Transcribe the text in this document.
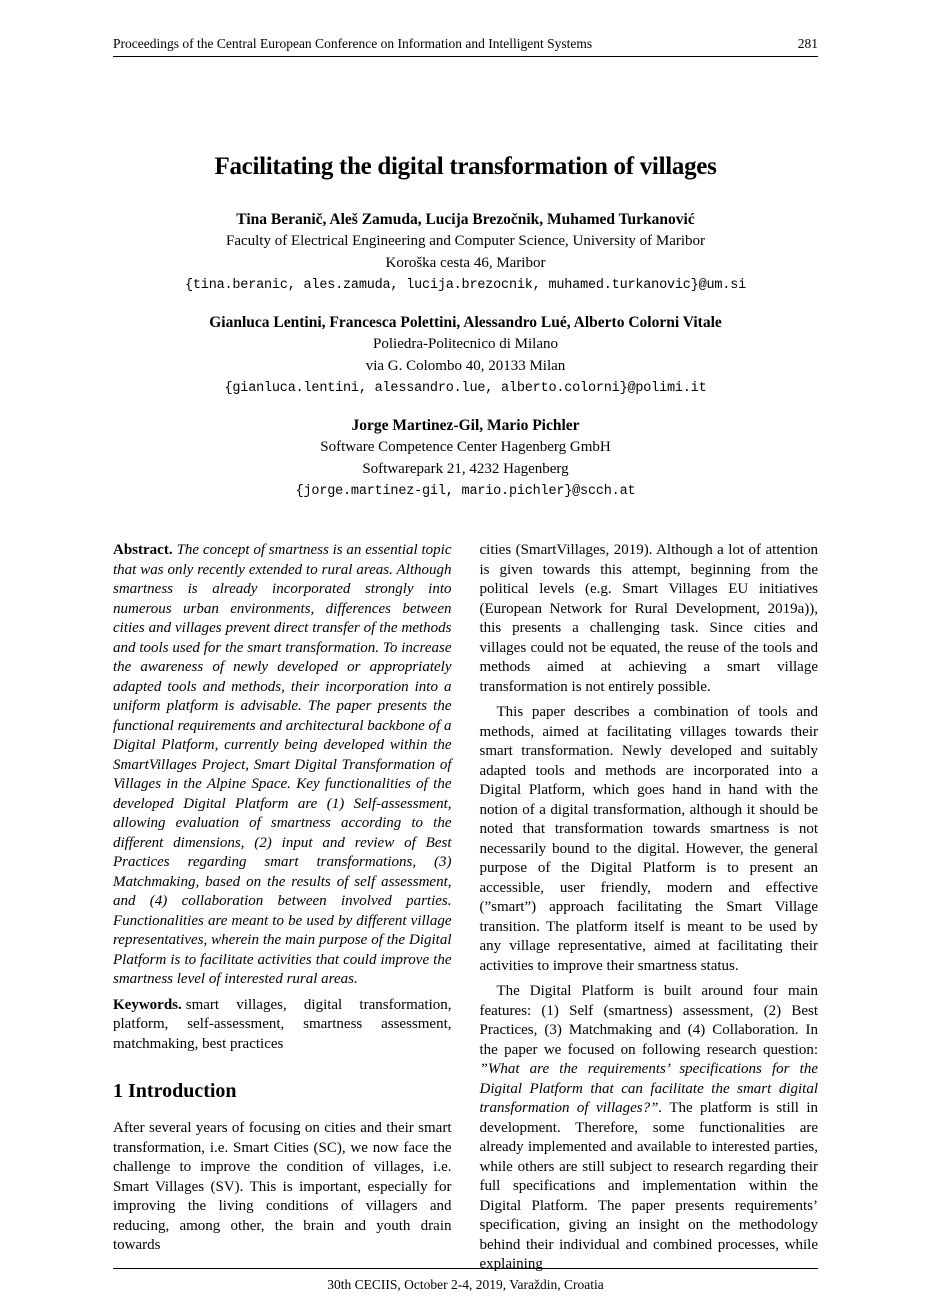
Proceedings of the Central European Conference on Information and Intelligent Systems	281
Facilitating the digital transformation of villages

Tina Beranič, Aleš Zamuda, Lucija Brezočnik, Muhamed Turkanović

Faculty of Electrical Engineering and Computer Science, University of Maribor

Koroška cesta 46, Maribor

{tina.beranic, ales.zamuda, lucija.brezocnik, muhamed.turkanovic}@um.si

Gianluca Lentini, Francesca Polettini, Alessandro Lué, Alberto Colorni Vitale

Poliedra-Politecnico di Milano

via G. Colombo 40, 20133 Milan

{gianluca.lentini, alessandro.lue, alberto.colorni}@polimi.it

Jorge Martinez-Gil, Mario Pichler

Software Competence Center Hagenberg GmbH

Softwarepark 21, 4232 Hagenberg

{jorge.martinez-gil, mario.pichler}@scch.at

Abstract. The concept of smartness is an essential topic that was only recently extended to rural areas. Although smartness is already incorporated strongly into numerous urban environments, differences between cities and villages prevent direct transfer of the methods and tools used for the smart transformation. To increase the awareness of newly developed or appropriately adapted tools and methods, their incorporation into a uniform platform is advisable. The paper presents the functional requirements and architectural backbone of a Digital Platform, currently being developed within the SmartVillages Project, Smart Digital Transformation of Villages in the Alpine Space. Key functionalities of the developed Digital Platform are (1) Self-assessment, allowing evaluation of smartness according to the different dimensions, (2) input and review of Best Practices regarding smart transformations, (3) Matchmaking, based on the results of self assessment, and (4) collaboration between involved parties. Functionalities are meant to be used by different village representatives, wherein the main purpose of the Digital Platform is to facilitate activities that could improve the smartness level of interested rural areas.

Keywords. smart villages, digital transformation, platform, self-assessment, smartness assessment, matchmaking, best practices

1 Introduction

After several years of focusing on cities and their smart transformation, i.e. Smart Cities (SC), we now face the challenge to improve the condition of villages, i.e. Smart Villages (SV). This is important, especially for improving the living conditions of villagers and reducing, among other, the brain and youth drain towards

cities (SmartVillages, 2019). Although a lot of attention is given towards this attempt, beginning from the political levels (e.g. Smart Villages EU initiatives (European Network for Rural Development, 2019a)), this presents a challenging task. Since cities and villages could not be equated, the reuse of the tools and methods aimed at achieving a smart village transformation is not entirely possible.

This paper describes a combination of tools and methods, aimed at facilitating villages towards their smart transformation. Newly developed and suitably adapted tools and methods are incorporated into a Digital Platform, which goes hand in hand with the notion of a digital transformation, although it should be noted that transformation towards smartness is not necessarily bound to the digital. However, the general purpose of the Digital Platform is to present an accessible, user friendly, modern and effective (”smart”) approach facilitating the Smart Village transition. The platform itself is meant to be used by any village representative, aimed at facilitating their activities to improve their smartness status.

The Digital Platform is built around four main features: (1) Self (smartness) assessment, (2) Best Practices, (3) Matchmaking and (4) Collaboration. In the paper we focused on following research question: ”What are the requirements’ specifications for the Digital Platform that can facilitate the smart digital transformation of villages?”. The platform is still in development. Therefore, some functionalities are already implemented and available to interested parties, while others are still subject to research regarding their full specifications and implementation within the Digital Platform. The paper presents requirements’ specification, giving an insight on the methodology behind their individual and combined processes, while explaining

30th CECIIS, October 2-4, 2019, Varaždin, Croatia
